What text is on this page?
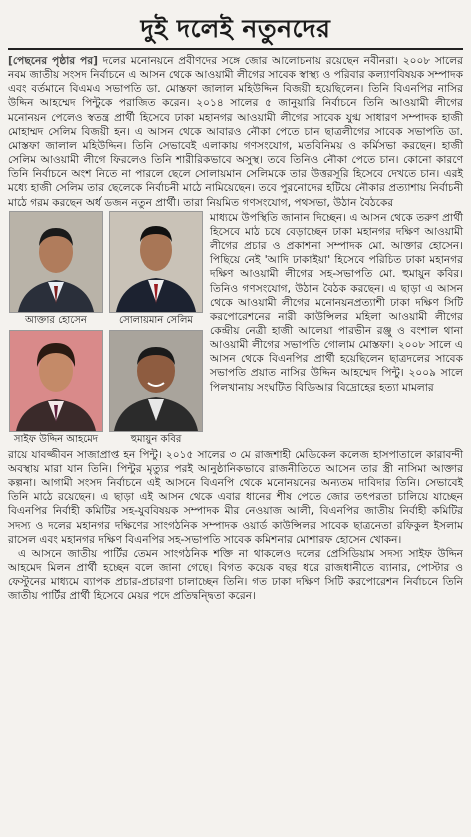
দুই দলেই নতুনদের

[পেছনের পৃষ্ঠার পর] দলের মনোনয়নে প্রবীণদের সঙ্গে জোর আলোচনায় রয়েছেন নবীনরা। ২০০৮ সালের নবম জাতীয় সংসদ নির্বাচনে এ আসন থেকে আওয়ামী লীগের সাবেক স্বাস্থ্য ও পরিবার কল্যাণবিষয়ক সম্পাদক এবং বর্তমানে বিএমএ সভাপতি ডা. মোস্তফা জালাল মহিউদ্দিন বিজয়ী হয়েছিলেন। তিনি বিএনপির নাসির উদ্দিন আহম্মেদ পিন্টুকে পরাজিত করেন। ২০১৪ সালের ৫ জানুয়ারি নির্বাচনে তিনি আওয়ামী লীগের মনোনয়ন পেলেও স্বতন্ত্র প্রার্থী হিসেবে ঢাকা মহানগর আওয়ামী লীগের সাবেক যুগ্ম সাধারণ সম্পাদক হাজী মোহাম্মদ সেলিম বিজয়ী হন। এ আসন থেকে আবারও নৌকা পেতে চান ছাত্রলীগের সাবেক সভাপতি ডা. মোস্তফা জালাল মহিউদ্দিন। তিনি সেভাবেই এলাকায় গণসংযোগ, মতবিনিময় ও কর্মিসভা করছেন। হাজী সেলিম আওয়ামী লীগে ফিরলেও তিনি শারীরিকভাবে অসুস্থ। তবে তিনিও নৌকা পেতে চান। কোনো কারণে তিনি নির্বাচনে অংশ নিতে না পারলে ছেলে সোলায়মান সেলিমকে তার উত্তরসূরি হিসেবে দেখতে চান। এরই মধ্যে হাজী সেলিম তার ছেলেকে নির্বাচনী মাঠে নামিয়েছেন। তবে পুরনোদের হটিয়ে নৌকার প্রত্যাশায় নির্বাচনী মাঠে গরম করছেন অর্ধ ডজন নতুন প্রার্থী। তারা নিয়মিত গণসংযোগ, পথসভা, উঠান বৈঠকের

আক্তার হোসেন	সোলায়মান সেলিম
সাইফ উদ্দিন আহমেদ	হুমায়ুন কবির
মাধ্যমে উপস্থিতি জানান দিচ্ছেন। এ আসন থেকে তরুণ প্রার্থী হিসেবে মাঠ চষে বেড়াচ্ছেন ঢাকা মহানগর দক্ষিণ আওয়ামী লীগের প্রচার ও প্রকাশনা সম্পাদক মো. আক্তার হোসেন। পিছিয়ে নেই 'আদি ঢাকাইয়া' হিসেবে পরিচিত ঢাকা মহানগর দক্ষিণ আওয়ামী লীগের সহ-সভাপতি মো. হুমায়ুন কবির। তিনিও গণসংযোগ, উঠান বৈঠক করছেন। এ ছাড়া এ আসন থেকে আওয়ামী লীগের মনোনয়নপ্রত্যাশী ঢাকা দক্ষিণ সিটি করপোরেশনের নারী কাউন্সিলর মহিলা আওয়ামী লীগের কেন্দ্রীয় নেত্রী হাজী আলেয়া পারভীন রঞ্জু ও বংশাল থানা আওয়ামী লীগের সভাপতি গোলাম মোস্তফা। ২০০৮ সালে এ আসন থেকে বিএনপির প্রার্থী হয়েছিলেন ছাত্রদলের সাবেক সভাপতি প্রয়াত নাসির উদ্দিন আহম্মেদ পিন্টু। ২০০৯ সালে পিলখানায় সংঘটিত বিডিআর বিদ্রোহের হত্যা মামলার

রায়ে যাবজ্জীবন সাজাপ্রাপ্ত হন পিন্টু। ২০১৫ সালের ৩ মে রাজশাহী মেডিকেল কলেজ হাসপাতালে কারাবন্দী অবস্থায় মারা যান তিনি। পিন্টুর মৃত্যুর পরই আনুষ্ঠানিকভাবে রাজনীতিতে আসেন তার স্ত্রী নাসিমা আক্তার কল্পনা। আগামী সংসদ নির্বাচনে এই আসনে বিএনপি থেকে মনোনয়নের অন্যতম দাবিদার তিনি। সেভাবেই তিনি মাঠে রয়েছেন। এ ছাড়া এই আসন থেকে এবার ধানের শীষ পেতে জোর তৎপরতা চালিয়ে যাচ্ছেন বিএনপির নির্বাহী কমিটির সহ-যুববিষয়ক সম্পাদক মীর নেওয়াজ আলী, বিএনপির জাতীয় নির্বাহী কমিটির সদস্য ও দলের মহানগর দক্ষিণের সাংগঠনিক সম্পাদক ওয়ার্ড কাউন্সিলর সাবেক ছাত্রনেতা রফিকুল ইসলাম রাসেল এবং মহানগর দক্ষিণ বিএনপির সহ-সভাপতি সাবেক কমিশনার মোশারফ হোসেন খোকন।

এ আসনে জাতীয় পার্টির তেমন সাংগঠনিক শক্তি না থাকলেও দলের প্রেসিডিয়াম সদস্য সাইফ উদ্দিন আহমেদ মিলন প্রার্থী হচ্ছেন বলে জানা গেছে। বিগত কয়েক বছর ধরে রাজধানীতে ব্যানার, পোস্টার ও ফেস্টুনের মাধ্যমে ব্যাপক প্রচার-প্রচারণা চালাচ্ছেন তিনি। গত ঢাকা দক্ষিণ সিটি করপোরেশন নির্বাচনে তিনি জাতীয় পার্টির প্রার্থী হিসেবে মেয়র পদে প্রতিদ্বন্দ্বিতা করেন।
